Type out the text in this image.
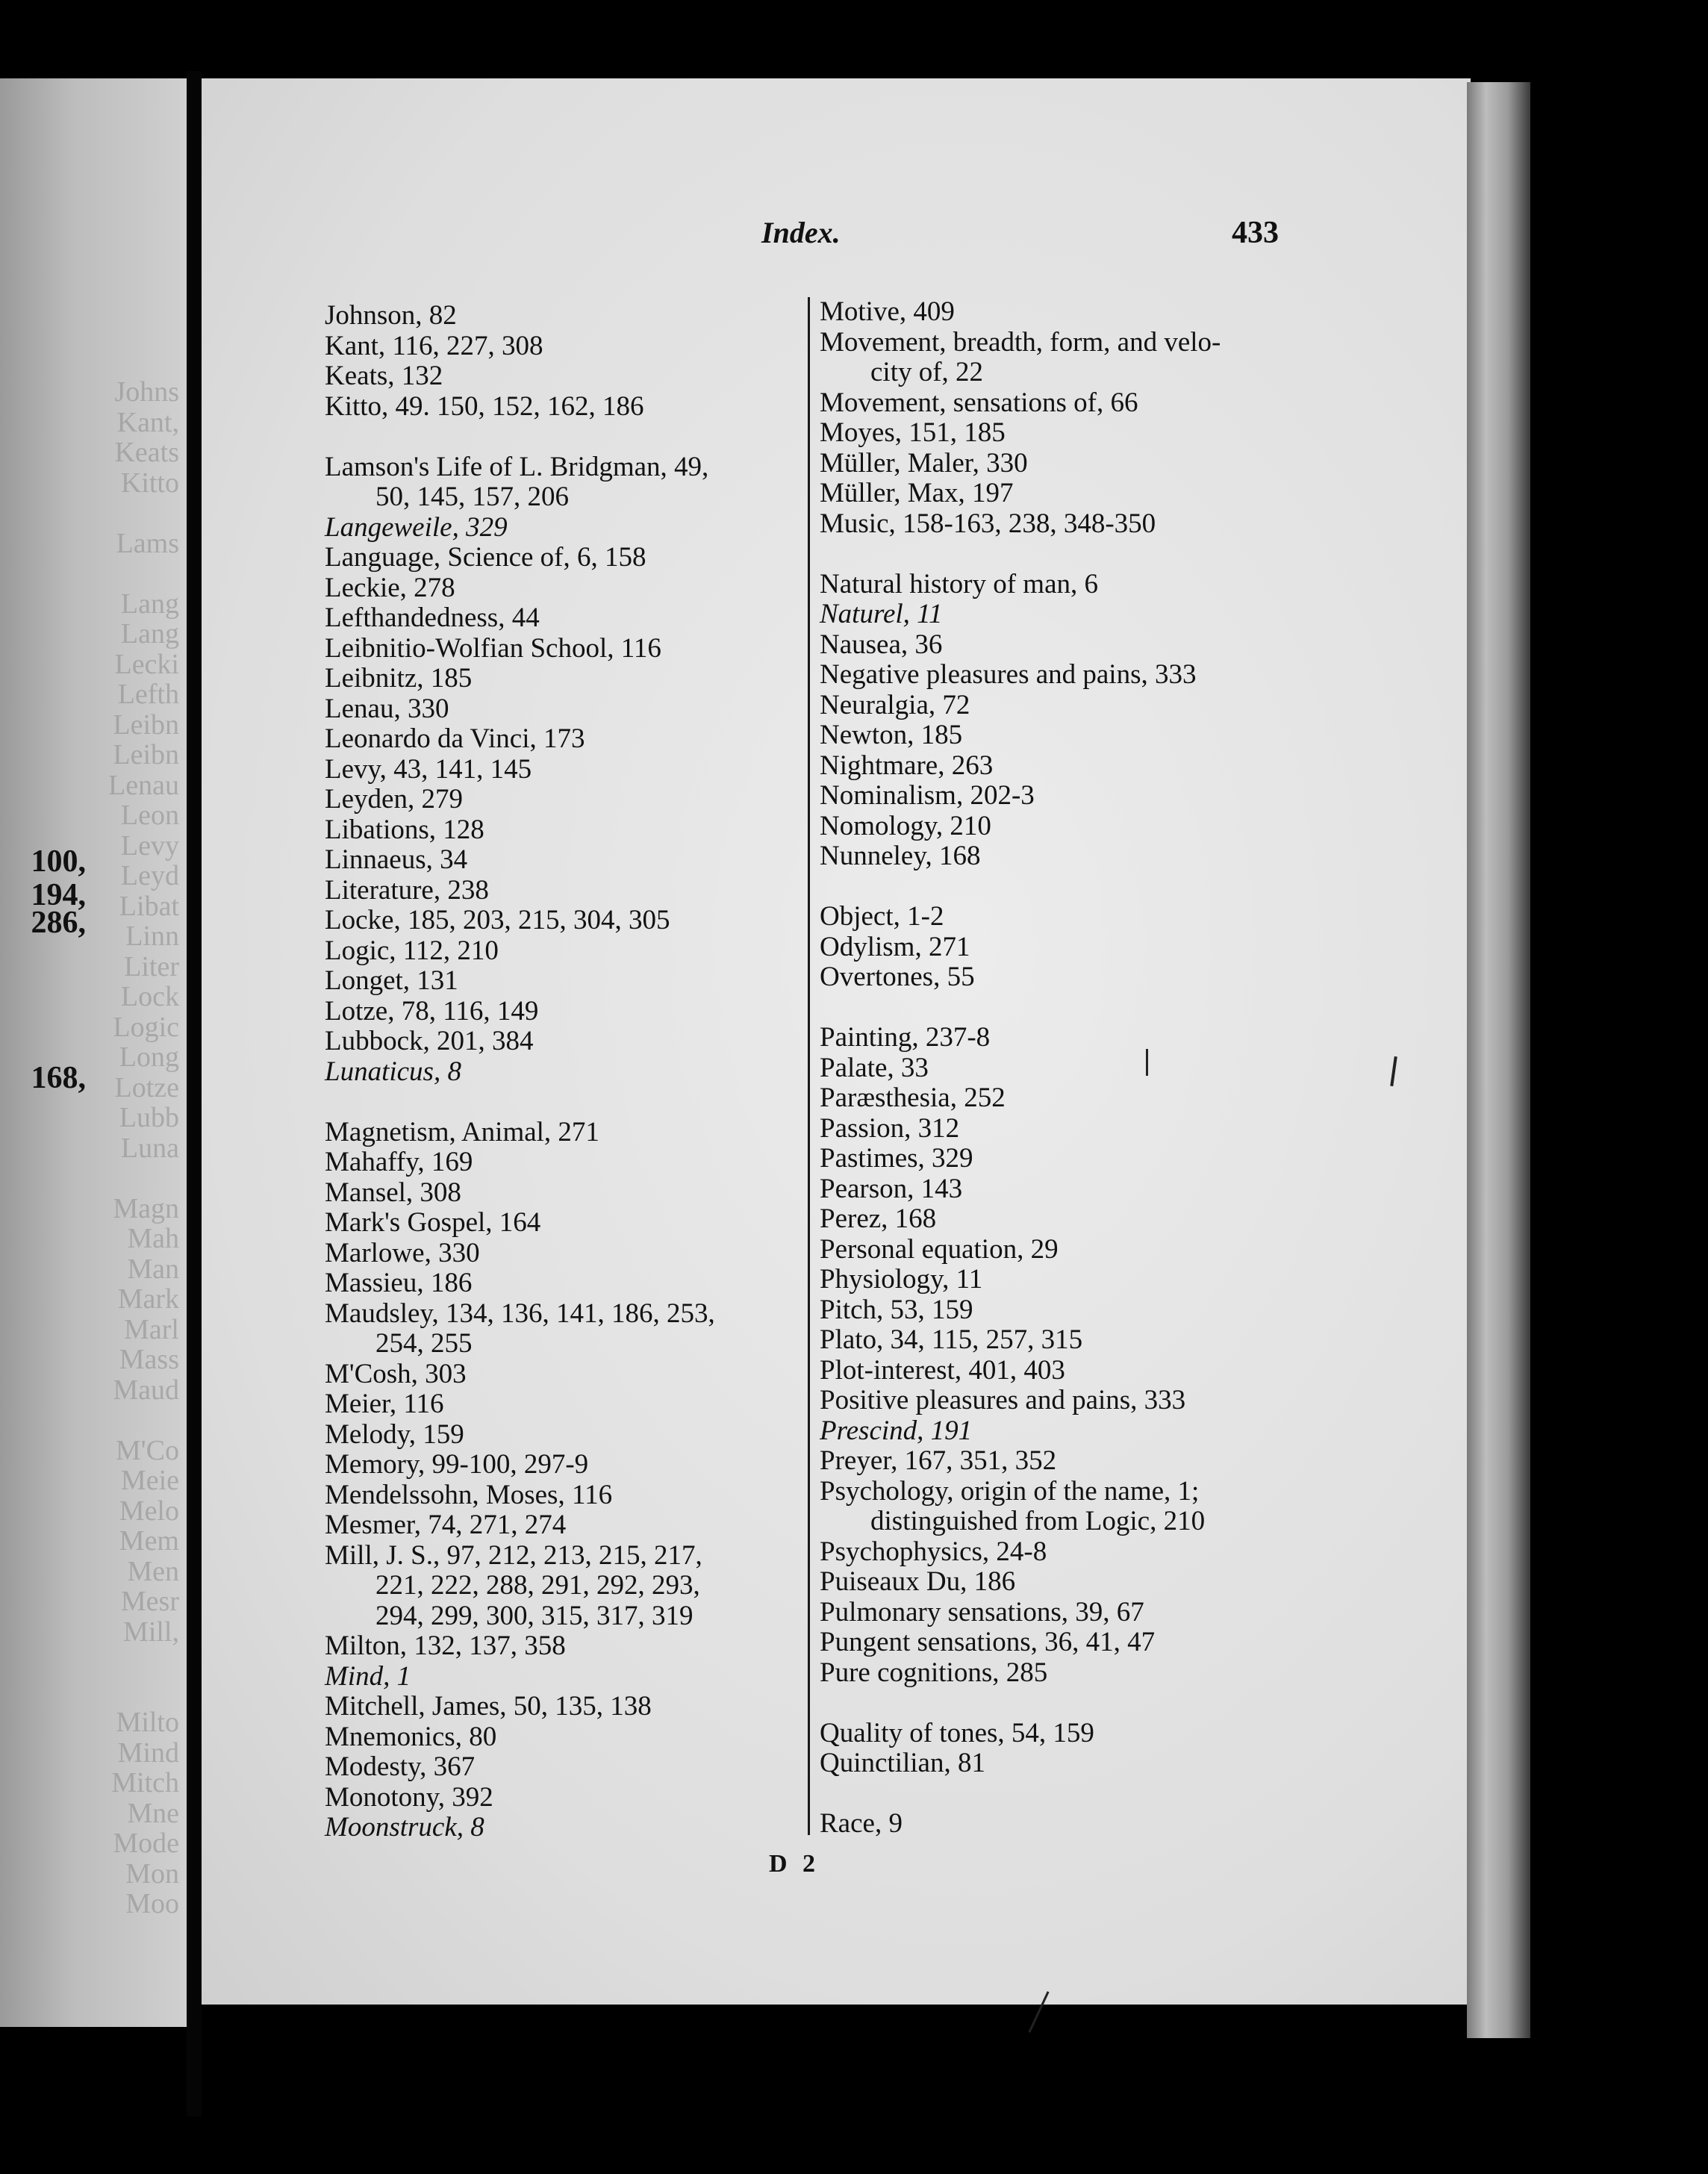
Johns
Kant,
Keats
Kitto
Lams
Lang
Lang
Lecki
Lefth
Leibn
Leibn
Lenau
Leon
Levy
Leyd
Libat
Linn
Liter
Lock
Logic
Long
Lotze
Lubb
Luna
Magn
Mah
Man
Mark
Marl
Mass
Maud
M'Co
Meie
Melo
Mem
Men
Mesr
Mill,
Milto
Mind
Mitch
Mne
Mode
Mon
Moo
100,
194,
286,
168,
Index.	433
Johnson, 82
Kant, 116, 227, 308
Keats, 132
Kitto, 49. 150, 152, 162, 186
Lamson's Life of L. Bridgman, 49,
50, 145, 157, 206
Langeweile, 329
Language, Science of, 6, 158
Leckie, 278
Lefthandedness, 44
Leibnitio-Wolfian School, 116
Leibnitz, 185
Lenau, 330
Leonardo da Vinci, 173
Levy, 43, 141, 145
Leyden, 279
Libations, 128
Linnaeus, 34
Literature, 238
Locke, 185, 203, 215, 304, 305
Logic, 112, 210
Longet, 131
Lotze, 78, 116, 149
Lubbock, 201, 384
Lunaticus, 8
Magnetism, Animal, 271
Mahaffy, 169
Mansel, 308
Mark's Gospel, 164
Marlowe, 330
Massieu, 186
Maudsley, 134, 136, 141, 186, 253,
254, 255
M'Cosh, 303
Meier, 116
Melody, 159
Memory, 99-100, 297-9
Mendelssohn, Moses, 116
Mesmer, 74, 271, 274
Mill, J. S., 97, 212, 213, 215, 217,
221, 222, 288, 291, 292, 293,
294, 299, 300, 315, 317, 319
Milton, 132, 137, 358
Mind, 1
Mitchell, James, 50, 135, 138
Mnemonics, 80
Modesty, 367
Monotony, 392
Moonstruck, 8
Motive, 409
Movement, breadth, form, and velo-
city of, 22
Movement, sensations of, 66
Moyes, 151, 185
Müller, Maler, 330
Müller, Max, 197
Music, 158-163, 238, 348-350
Natural history of man, 6
Naturel, 11
Nausea, 36
Negative pleasures and pains, 333
Neuralgia, 72
Newton, 185
Nightmare, 263
Nominalism, 202-3
Nomology, 210
Nunneley, 168
Object, 1-2
Odylism, 271
Overtones, 55
Painting, 237-8
Palate, 33
Paræsthesia, 252
Passion, 312
Pastimes, 329
Pearson, 143
Perez, 168
Personal equation, 29
Physiology, 11
Pitch, 53, 159
Plato, 34, 115, 257, 315
Plot-interest, 401, 403
Positive pleasures and pains, 333
Prescind, 191
Preyer, 167, 351, 352
Psychology, origin of the name, 1;
distinguished from Logic, 210
Psychophysics, 24-8
Puiseaux Du, 186
Pulmonary sensations, 39, 67
Pungent sensations, 36, 41, 47
Pure cognitions, 285
Quality of tones, 54, 159
Quinctilian, 81
Race, 9
D 2
